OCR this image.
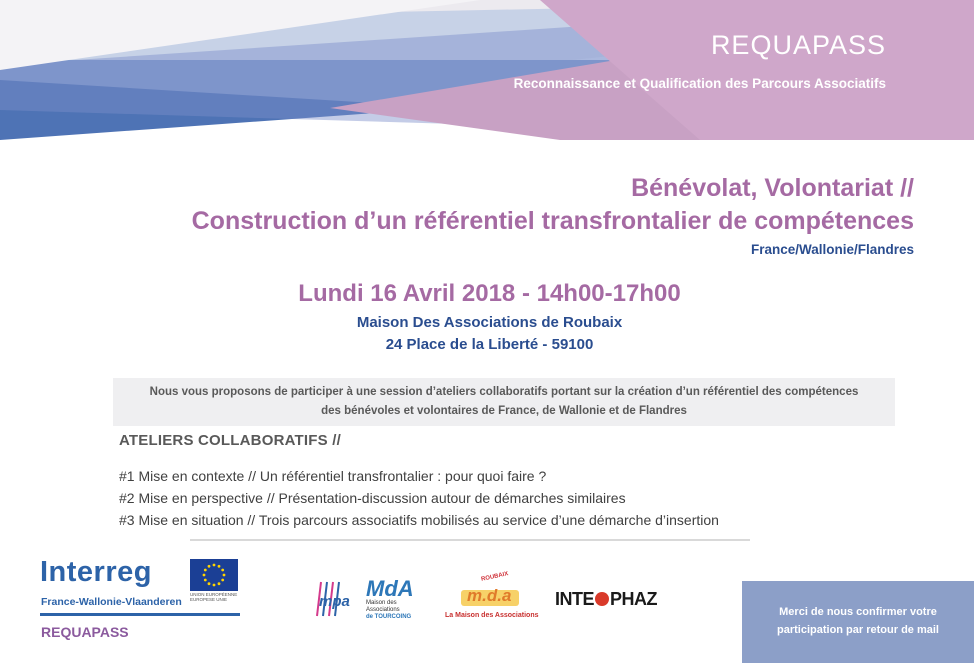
REQUAPASS

Reconnaissance et Qualification des Parcours Associatifs

Bénévolat, Volontariat //
Construction d’un référentiel transfrontalier de compétences

France/Wallonie/Flandres

Lundi 16 Avril 2018 - 14h00-17h00

Maison Des Associations de Roubaix
24 Place de la Liberté - 59100

Nous vous proposons de participer à une session d’ateliers collaboratifs portant sur la création d’un référentiel des compétences
des bénévoles et volontaires de France, de Wallonie et de Flandres
ATELIERS COLLABORATIFS //
#1 Mise en contexte // Un référentiel transfrontalier : pour quoi faire ?
#2 Mise en perspective // Présentation-discussion autour de démarches similaires
#3 Mise en situation // Trois parcours associatifs mobilisés au service d’une démarche d’insertion

Interreg

UNION EUROPÉENNE EUROPESE UNIE

France-Wallonie-Vlaanderen

REQUAPASS

mpa

MdA

Maison des Associations

de TOURCOING

ROUBAIX

m.d.a

La Maison des Associations

INTE PHAZ

Merci de nous confirmer votre
participation par retour de mail
